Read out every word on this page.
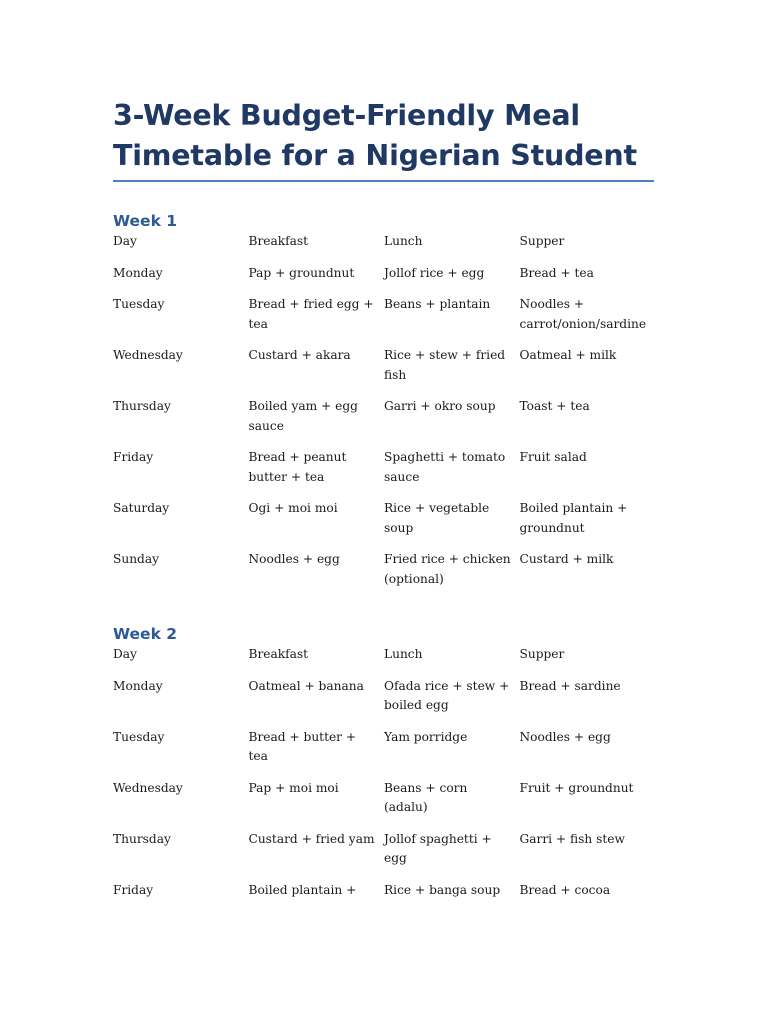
3-Week Budget-Friendly Meal
Timetable for a Nigerian Student
Week 1
Day	Breakfast	Lunch	Supper
Monday	Pap + groundnut	Jollof rice + egg	Bread + tea
Tuesday	Bread + fried egg + tea	Beans + plantain	Noodles + carrot/onion/sardine
Wednesday	Custard + akara	Rice + stew + fried fish	Oatmeal + milk
Thursday	Boiled yam + egg sauce	Garri + okro soup	Toast + tea
Friday	Bread + peanut butter + tea	Spaghetti + tomato sauce	Fruit salad
Saturday	Ogi + moi moi	Rice + vegetable soup	Boiled plantain + groundnut
Sunday	Noodles + egg	Fried rice + chicken (optional)	Custard + milk
Week 2
Day	Breakfast	Lunch	Supper
Monday	Oatmeal + banana	Ofada rice + stew + boiled egg	Bread + sardine
Tuesday	Bread + butter + tea	Yam porridge	Noodles + egg
Wednesday	Pap + moi moi	Beans + corn (adalu)	Fruit + groundnut
Thursday	Custard + fried yam	Jollof spaghetti + egg	Garri + fish stew
Friday	Boiled plantain +	Rice + banga soup	Bread + cocoa
